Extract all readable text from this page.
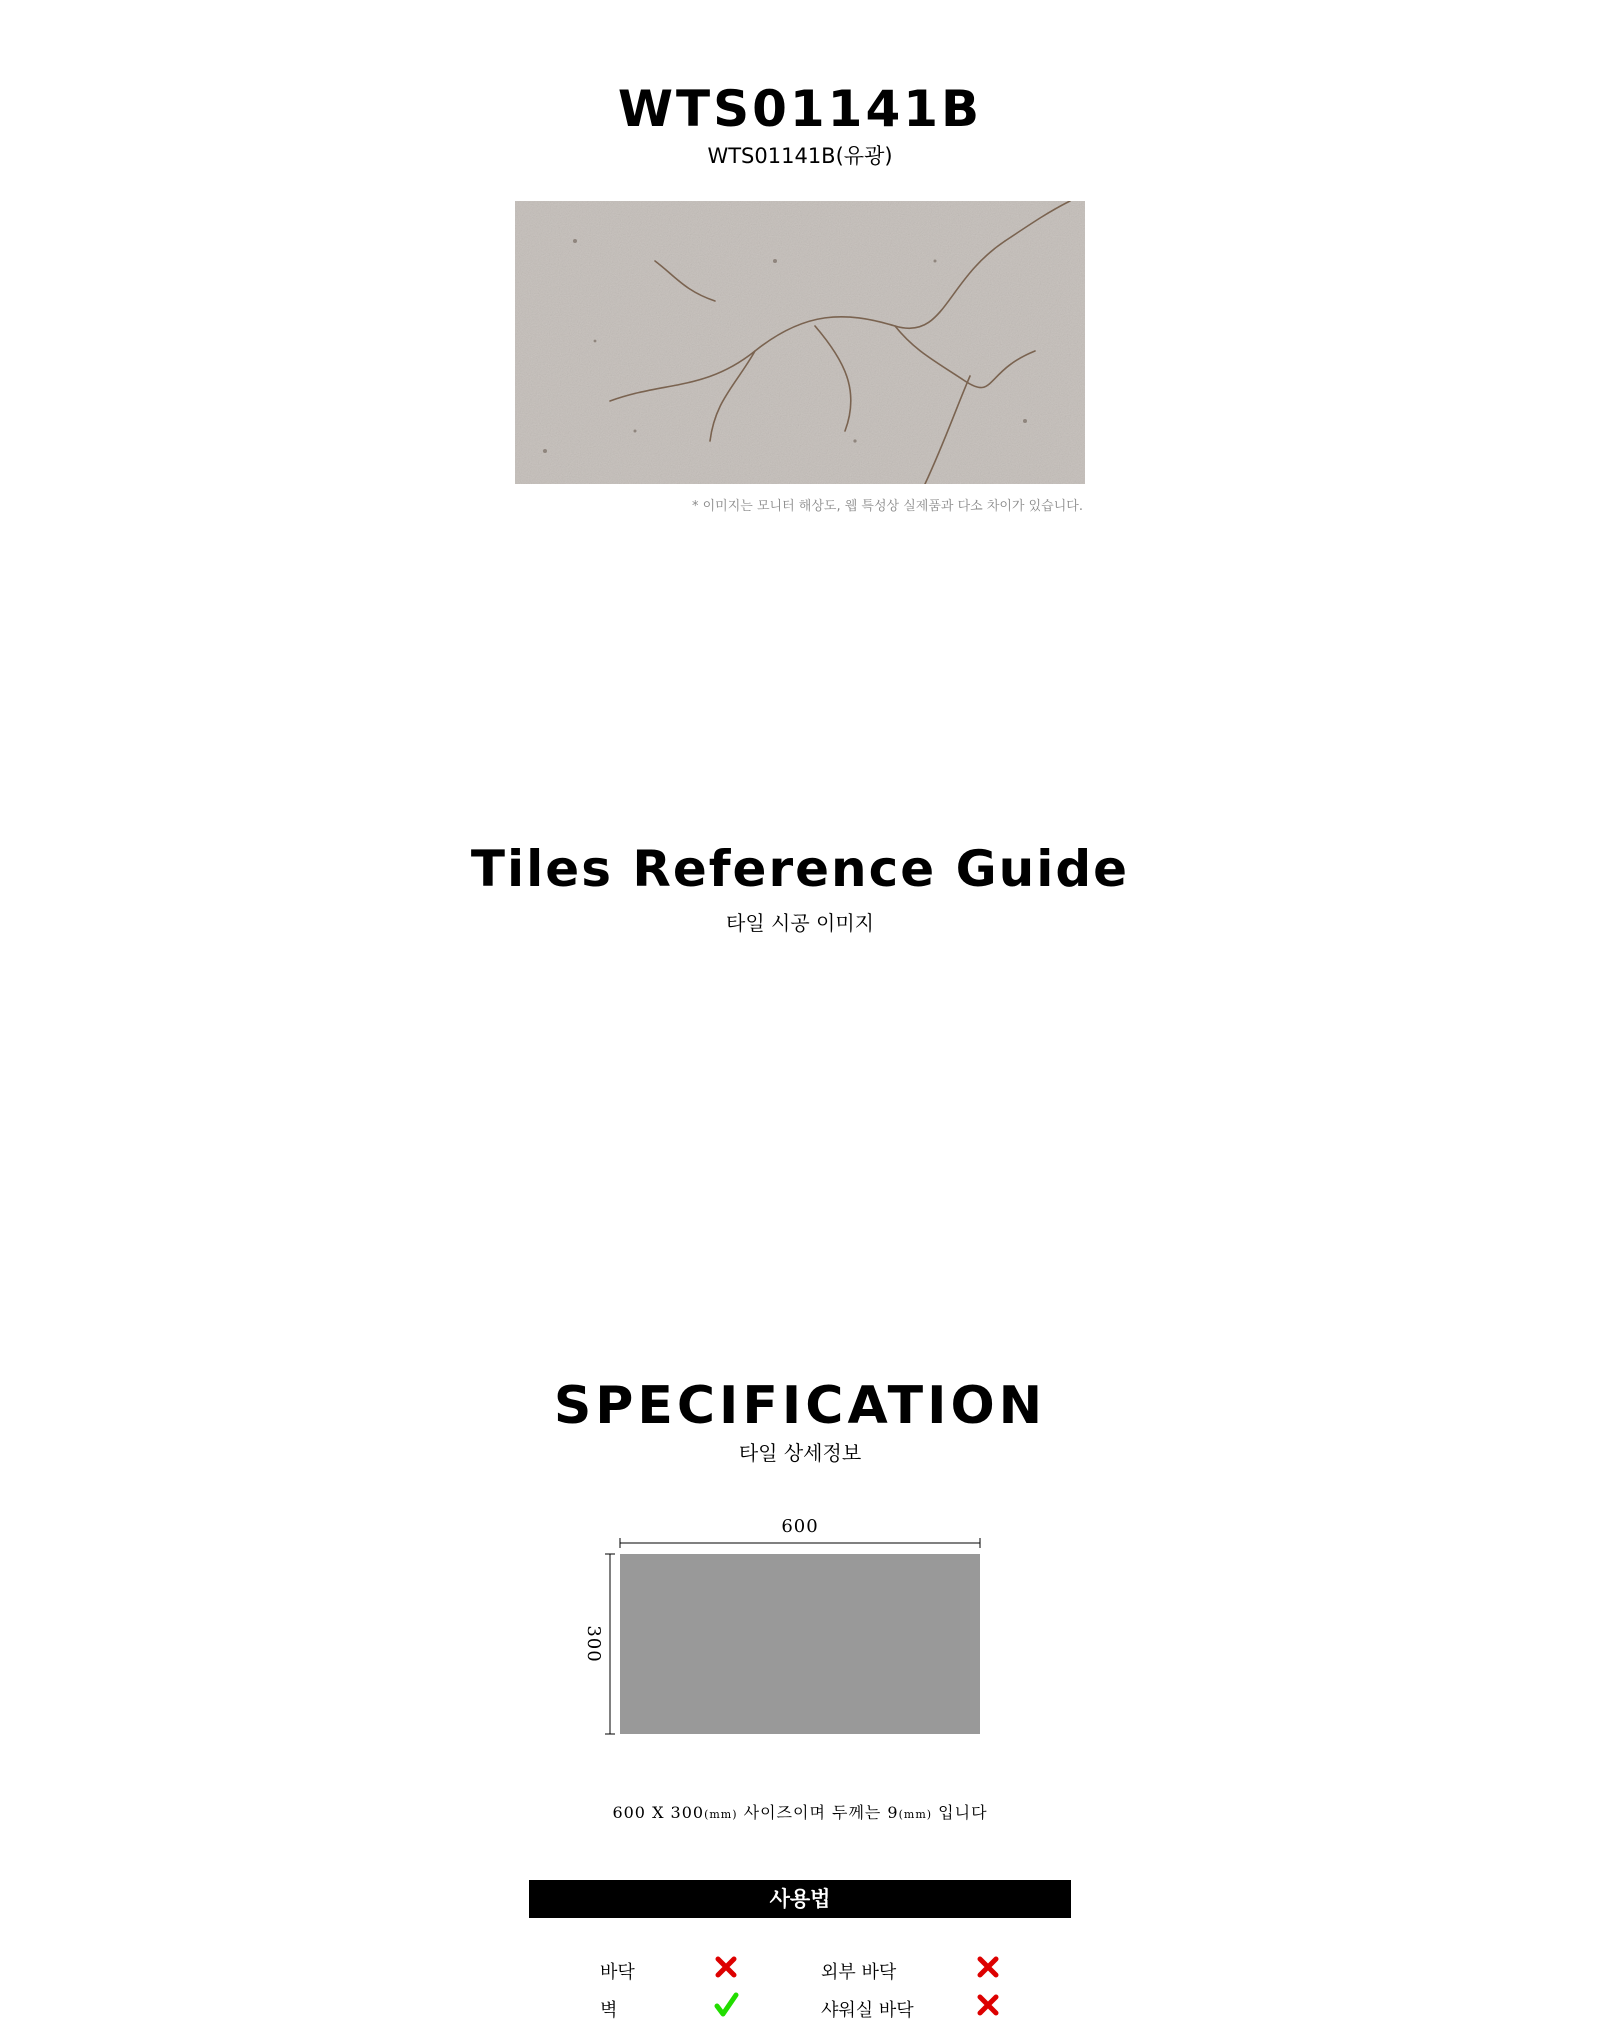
WTS01141B
WTS01141B(유광)
* 이미지는 모니터 해상도, 웹 특성상 실제품과 다소 차이가 있습니다.
Tiles Reference Guide
타일 시공 이미지
SPECIFICATION
타일 상세정보
600
300
600 X 300(mm) 사이즈이며 두께는 9(mm) 입니다
사용법
바닥	외부 바닥
벽	샤워실 바닥
